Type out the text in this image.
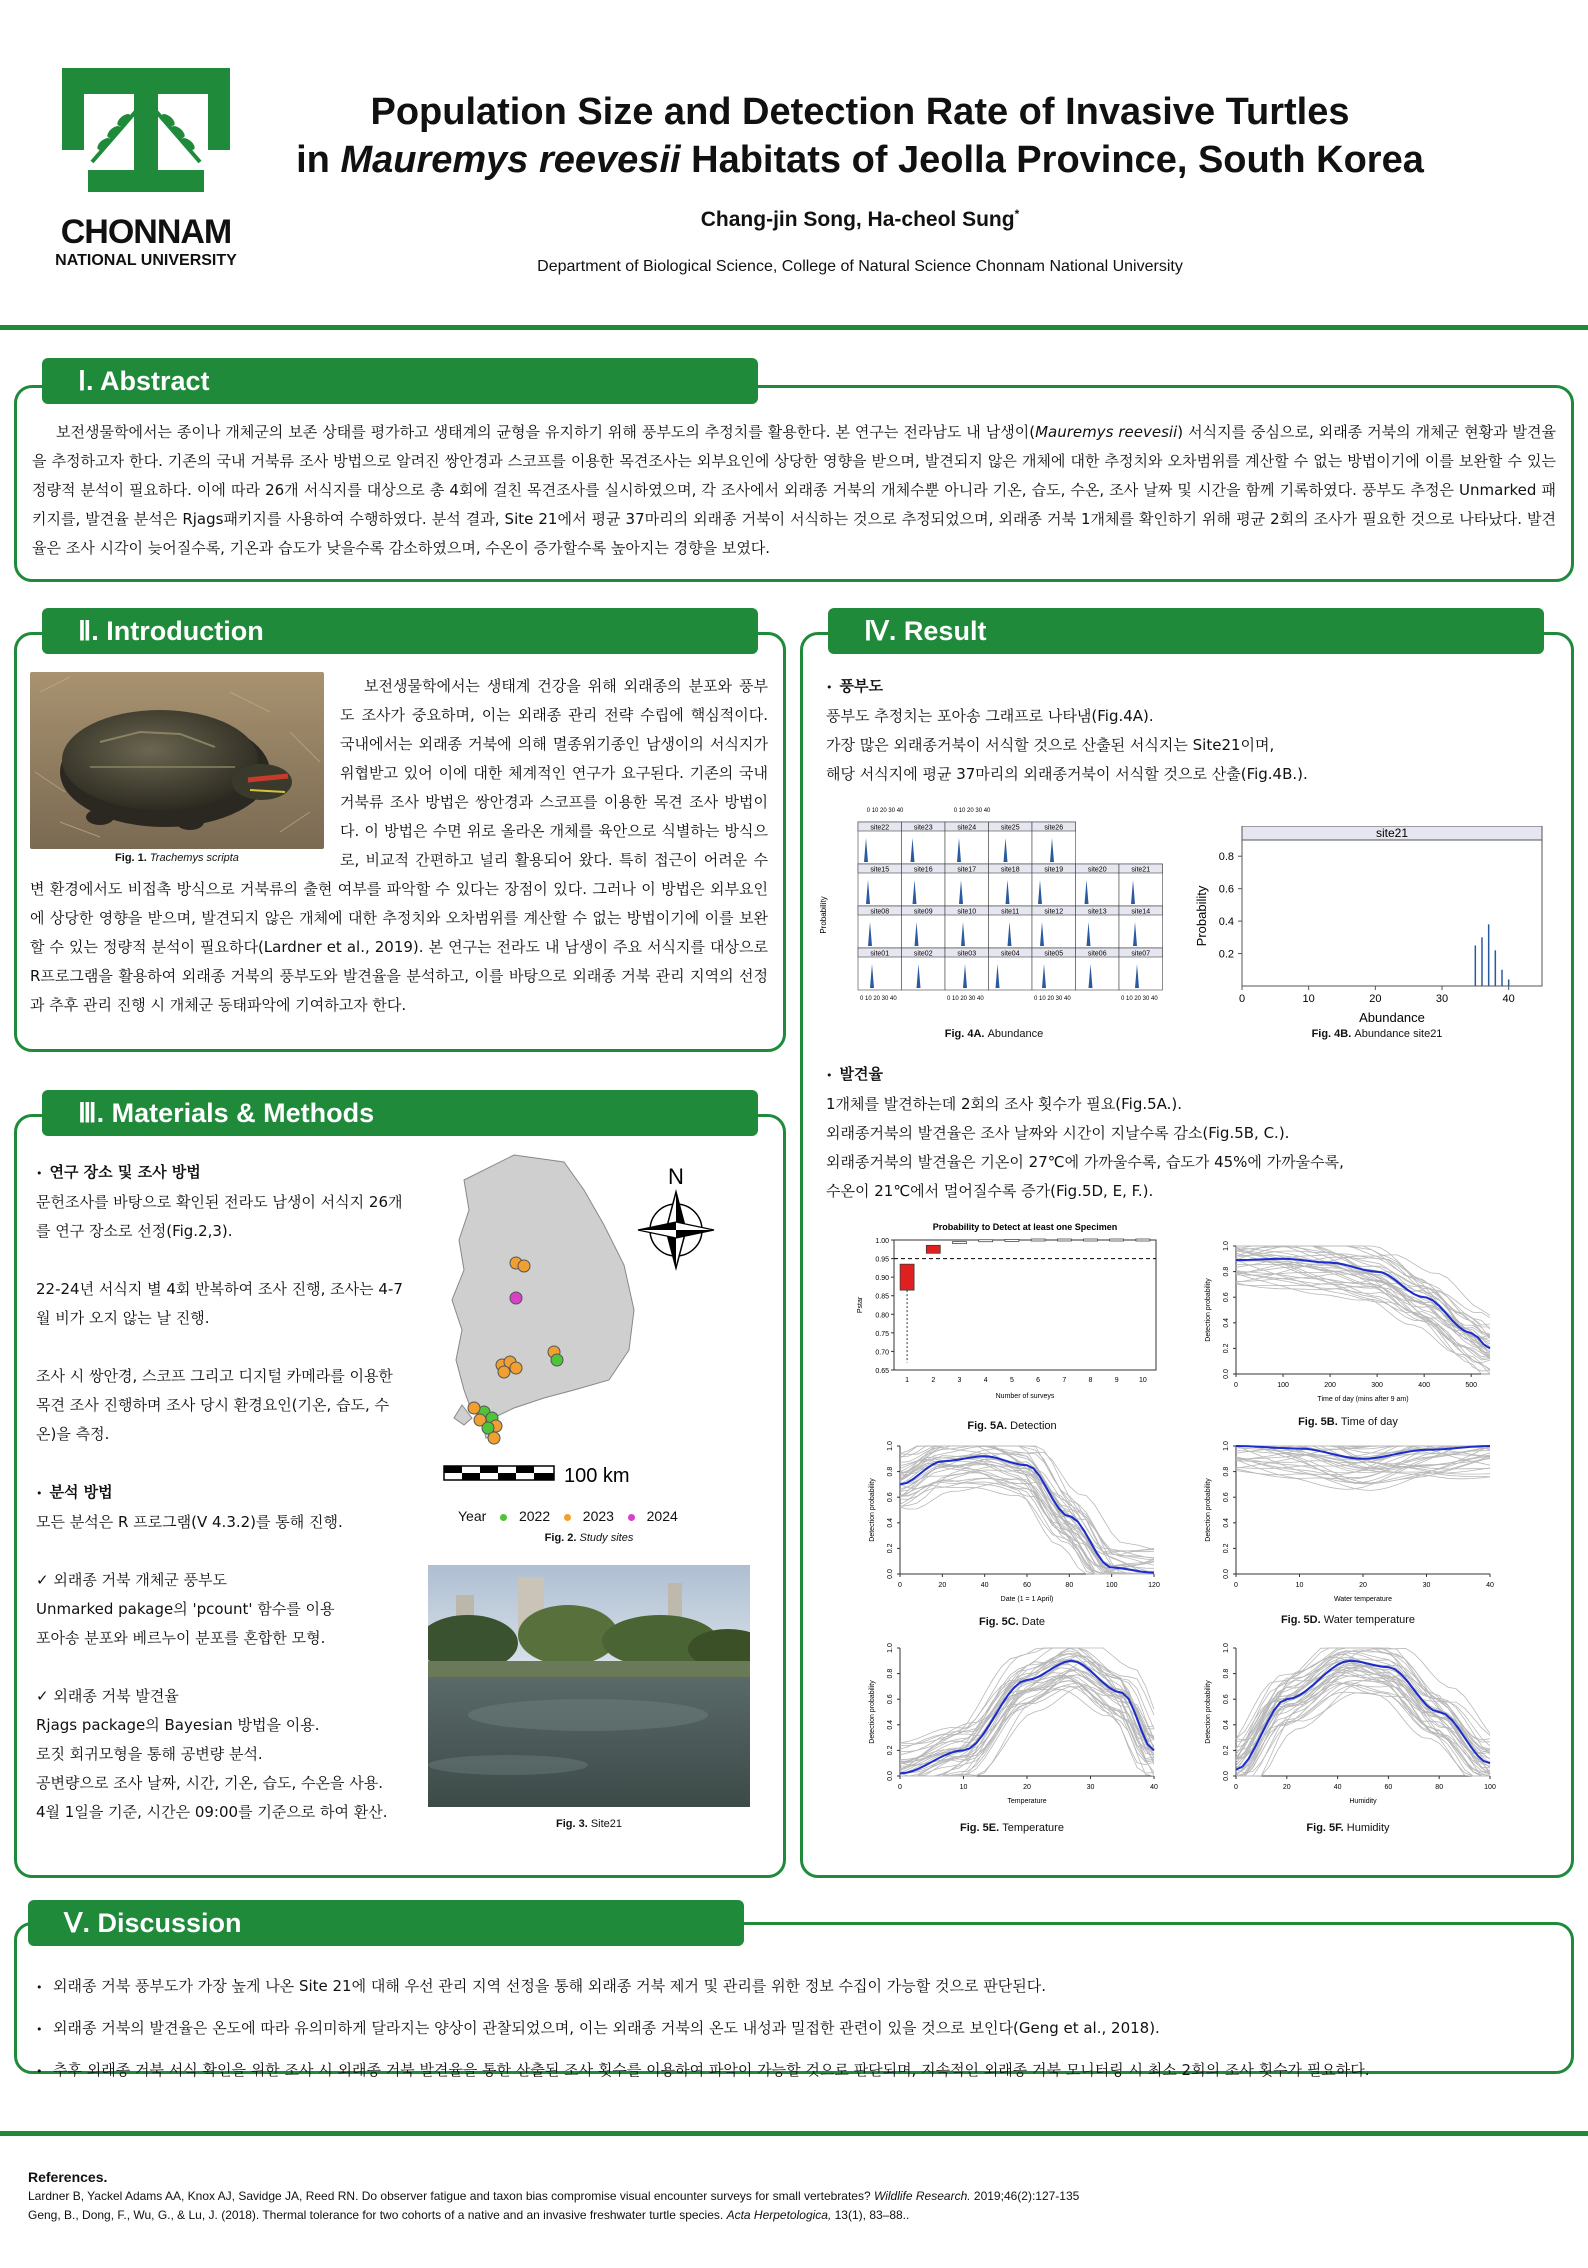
CHONNAM
NATIONAL UNIVERSITY
Population Size and Detection Rate of Invasive Turtles
in Mauremys reevesii Habitats of Jeolla Province, South Korea
Chang-jin Song, Ha-cheol Sung*
Department of Biological Science, College of Natural Science Chonnam National University
Ⅰ. Abstract
보전생물학에서는 종이나 개체군의 보존 상태를 평가하고 생태계의 균형을 유지하기 위해 풍부도의 추정치를 활용한다. 본 연구는 전라남도 내 남생이(Mauremys reevesii) 서식지를 중심으로, 외래종 거북의 개체군 현황과 발견율을 추정하고자 한다. 기존의 국내 거북류 조사 방법으로 알려진 쌍안경과 스코프를 이용한 목견조사는 외부요인에 상당한 영향을 받으며, 발견되지 않은 개체에 대한 추정치와 오차범위를 계산할 수 없는 방법이기에 이를 보완할 수 있는 정량적 분석이 필요하다. 이에 따라 26개 서식지를 대상으로 총 4회에 걸친 목견조사를 실시하였으며, 각 조사에서 외래종 거북의 개체수뿐 아니라 기온, 습도, 수온, 조사 날짜 및 시간을 함께 기록하였다. 풍부도 추정은 Unmarked 패키지를, 발견율 분석은 Rjags패키지를 사용하여 수행하였다. 분석 결과, Site 21에서 평균 37마리의 외래종 거북이 서식하는 것으로 추정되었으며, 외래종 거북 1개체를 확인하기 위해 평균 2회의 조사가 필요한 것으로 나타났다. 발견율은 조사 시각이 늦어질수록, 기온과 습도가 낮을수록 감소하였으며, 수온이 증가할수록 높아지는 경향을 보였다.
Ⅱ. Introduction
Fig. 1. Trachemys scripta
보전생물학에서는 생태계 건강을 위해 외래종의 분포와 풍부도 조사가 중요하며, 이는 외래종 관리 전략 수립에 핵심적이다. 국내에서는 외래종 거북에 의해 멸종위기종인 남생이의 서식지가 위협받고 있어 이에 대한 체계적인 연구가 요구된다. 기존의 국내 거북류 조사 방법은 쌍안경과 스코프를 이용한 목견 조사 방법이다. 이 방법은 수면 위로 올라온 개체를 육안으로 식별하는 방식으로, 비교적 간편하고 널리 활용되어 왔다. 특히 접근이 어려운 수변 환경에서도 비접촉 방식으로 거북류의 출현 여부를 파악할 수 있다는 장점이 있다. 그러나 이 방법은 외부요인에 상당한 영향을 받으며, 발견되지 않은 개체에 대한 추정치와 오차범위를 계산할 수 없는 방법이기에 이를 보완할 수 있는 정량적 분석이 필요하다(Lardner et al., 2019). 본 연구는 전라도 내 남생이 주요 서식지를 대상으로 R프로그램을 활용하여 외래종 거북의 풍부도와 발견율을 분석하고, 이를 바탕으로 외래종 거북 관리 지역의 선정과 추후 관리 진행 시 개체군 동태파악에 기여하고자 한다.
Ⅲ. Materials & Methods
•  연구 장소 및 조사 방법
문헌조사를 바탕으로 확인된 전라도 남생이 서식지 26개를 연구 장소로 선정(Fig.2,3).
22-24년 서식지 별 4회 반복하여 조사 진행, 조사는 4-7월 비가 오지 않는 날 진행.
조사 시 쌍안경, 스코프 그리고 디지털 카메라를 이용한 목견 조사 진행하며 조사 당시 환경요인(기온, 습도, 수온)을 측정.
•  분석 방법
모든 분석은 R 프로그램(V 4.3.2)를 통해 진행.
✓ 외래종 거북 개체군 풍부도
Unmarked pakage의 'pcount' 함수를 이용
포아송 분포와 베르누이 분포를 혼합한 모형.
✓ 외래종 거북 발견율
Rjags package의 Bayesian 방법을 이용.
로짓 회귀모형을 통해 공변량 분석.
공변량으로 조사 날짜, 시간, 기온, 습도, 수온을 사용.
4월 1일을 기준, 시간은 09:00를 기준으로 하여 환산.
N
100 km
Year	2022	2023	2024
Fig. 2. Study sites
Fig. 3. Site21
Ⅳ. Result
•  풍부도
풍부도 추정치는 포아송 그래프로 나타냄(Fig.4A).
가장 많은 외래종거북이 서식할 것으로 산출된 서식지는 Site21이며,
해당 서식지에 평균 37마리의 외래종거북이 서식할 것으로 산출(Fig.4B.).
Probability
site22	site23	site24	site25	site26
site15	site16	site17	site18	site19	site20	site21
site08	site09	site10	site11	site12	site13	site14
site01	site02	site03	site04	site05	site06	site07
0 10 20 30 40	0 10 20 30 40
0 10 20 30 40	0 10 20 30 40	0 10 20 30 40	0 10 20 30 40
Fig. 4A. Abundance
site21
0	10	20	30	40
0.2
0.4
0.6
0.8
Abundance
Probability
Fig. 4B. Abundance site21
•  발견율
1개체를 발견하는데 2회의 조사 횟수가 필요(Fig.5A.).
외래종거북의 발견율은 조사 날짜와 시간이 지날수록 감소(Fig.5B, C.).
외래종거북의 발견율은 기온이 27℃에 가까울수록, 습도가 45%에 가까울수록,
수온이 21℃에서 멀어질수록 증가(Fig.5D, E, F.).
Probability to Detect at least one Specimen
0.65
0.70
0.75
0.80
0.85
0.90
0.95
1.00
1	2	3	4	5	6	7	8	9	10
Number of surveys
Pstar
Fig. 5A. Detection
0	100	200	300	400	500
0.0
0.2
0.4
0.6
0.8
1.0
Time of day (mins after 9 am)
Detection probability
Fig. 5B. Time of day
0	20	40	60	80	100	120
0.0
0.2
0.4
0.6
0.8
1.0
Date (1 = 1 April)
Detection probability
Fig. 5C. Date
0	10	20	30	40
0.0
0.2
0.4
0.6
0.8
1.0
Water temperature
Detection probability
Fig. 5D. Water temperature
0	10	20	30	40
0.0
0.2
0.4
0.6
0.8
1.0
Temperature
Detection probability
Fig. 5E. Temperature
0	20	40	60	80	100
0.0
0.2
0.4
0.6
0.8
1.0
Humidity
Detection probability
Fig. 5F. Humidity
Ⅴ. Discussion
•   외래종 거북 풍부도가 가장 높게 나온 Site 21에 대해 우선 관리 지역 선정을 통해 외래종 거북 제거 및 관리를 위한 정보 수집이 가능할 것으로 판단된다.
•   외래종 거북의 발견율은 온도에 따라 유의미하게 달라지는 양상이 관찰되었으며, 이는 외래종 거북의 온도 내성과 밀접한 관련이 있을 것으로 보인다(Geng et al., 2018).
•   추후 외래종 거북 서식 확인을 위한 조사 시 외래종 거북 발견율을 통한 산출된 조사 횟수를 이용하여 파악이 가능할 것으로 판단되며, 지속적인 외래종 거북 모니터링 시 최소 2회의 조사 횟수가 필요하다.
References.
Lardner B, Yackel Adams AA, Knox AJ, Savidge JA, Reed RN. Do observer fatigue and taxon bias compromise visual encounter surveys for small vertebrates? Wildlife Research. 2019;46(2):127-135
Geng, B., Dong, F., Wu, G., & Lu, J. (2018). Thermal tolerance for two cohorts of a native and an invasive freshwater turtle species. Acta Herpetologica, 13(1), 83–88..
